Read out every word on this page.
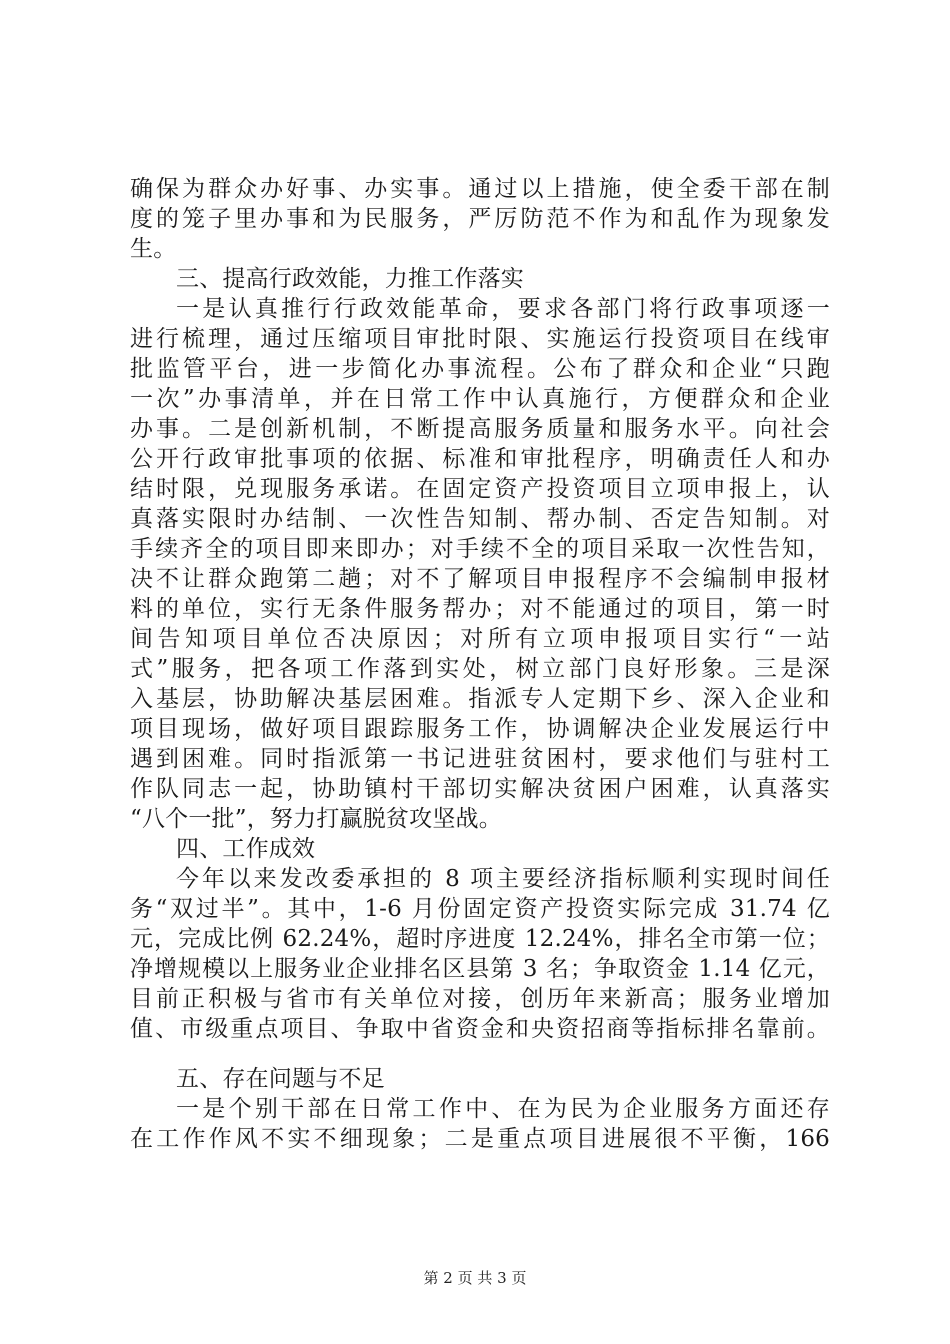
确保为群众办好事、办实事。通过以上措施，使全委干部在制
度的笼子里办事和为民服务，严厉防范不作为和乱作为现象发
生。
三、提高行政效能，力推工作落实
一是认真推行行政效能革命，要求各部门将行政事项逐一
进行梳理，通过压缩项目审批时限、实施运行投资项目在线审
批监管平台，进一步简化办事流程。公布了群众和企业“只跑
一次”办事清单，并在日常工作中认真施行，方便群众和企业
办事。二是创新机制，不断提高服务质量和服务水平。向社会
公开行政审批事项的依据、标准和审批程序，明确责任人和办
结时限，兑现服务承诺。在固定资产投资项目立项申报上，认
真落实限时办结制、一次性告知制、帮办制、否定告知制。对
手续齐全的项目即来即办；对手续不全的项目采取一次性告知，
决不让群众跑第二趟；对不了解项目申报程序不会编制申报材
料的单位，实行无条件服务帮办；对不能通过的项目，第一时
间告知项目单位否决原因；对所有立项申报项目实行“一站
式”服务，把各项工作落到实处，树立部门良好形象。三是深
入基层，协助解决基层困难。指派专人定期下乡、深入企业和
项目现场，做好项目跟踪服务工作，协调解决企业发展运行中
遇到困难。同时指派第一书记进驻贫困村，要求他们与驻村工
作队同志一起，协助镇村干部切实解决贫困户困难，认真落实
“八个一批”，努力打赢脱贫攻坚战。
四、工作成效
今年以来发改委承担的 8 项主要经济指标顺利实现时间任
务“双过半”。其中，1-6 月份固定资产投资实际完成 31.74 亿
元，完成比例 62.24%，超时序进度 12.24%，排名全市第一位；
净增规模以上服务业企业排名区县第 3 名；争取资金 1.14 亿元，
目前正积极与省市有关单位对接，创历年来新高；服务业增加
值、市级重点项目、争取中省资金和央资招商等指标排名靠前。
五、存在问题与不足
一是个别干部在日常工作中、在为民为企业服务方面还存
在工作作风不实不细现象；二是重点项目进展很不平衡，166
第 2 页 共 3 页
